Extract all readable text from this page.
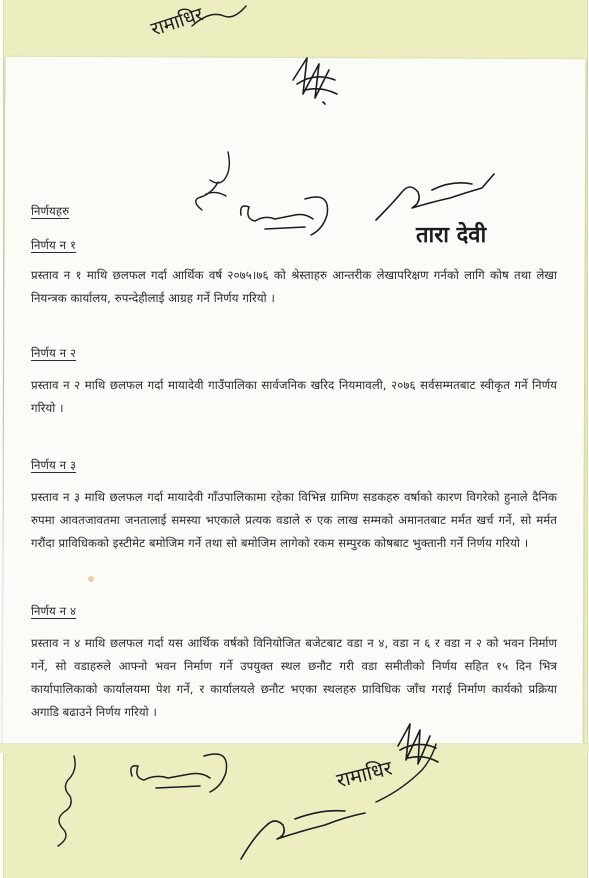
रामाधिर
तारा देवी
निर्णयहरु
निर्णय न १
प्रस्ताव न १ माथि छलफल गर्दा आर्थिक वर्ष २०७५।७६ को श्रेस्ताहरु आन्तरीक लेखापरिक्षण गर्नको लागि कोष तथा लेखा नियन्त्रक कार्यालय, रुपन्देहीलाई आग्रह गर्ने निर्णय गरियो ।
निर्णय न २
प्रस्ताव न २ माथि छलफल गर्दा मायादेवी गाउँपालिका सार्वजनिक खरिद नियमावली, २०७६ सर्वसम्मतबाट स्वीकृत गर्ने निर्णय गरियो ।
निर्णय न ३
प्रस्ताव न ३ माथि छलफल गर्दा मायादेवी गाँउपालिकामा रहेका विभिन्न ग्रामिण सडकहरु वर्षाको कारण विगरेको हुनाले दैनिक रुपमा आवतजावतमा जनतालाई समस्या भएकाले प्रत्यक वडाले रु एक लाख सम्मको अमानतबाट मर्मत खर्च गर्ने, सो मर्मत गरौंदा प्राविधिकको इस्टीमेट बमोजिम गर्ने तथा सो बमोजिम लागेको रकम सम्पुरक कोषबाट भुक्तानी गर्ने निर्णय गरियो ।
निर्णय न ४
प्रस्ताव न ४ माथि छलफल गर्दा यस आर्थिक वर्षको विनियोजित बजेटबाट वडा न ४, वडा न ६ र वडा न २ को भवन निर्माण गर्ने, सो वडाहरुले आफ्नो भवन निर्माण गर्ने उपयुक्त स्थल छनौट गरी वडा समीतीको निर्णय सहित १५ दिन भित्र कार्यापालिकाको कार्यालयमा पेश गर्ने, र कार्यालयले छनौट भएका स्थलहरु प्राविधिक जाँच गराई निर्माण कार्यको प्रक्रिया अगाडि बढाउने निर्णय गरियो ।
रामाधिर
